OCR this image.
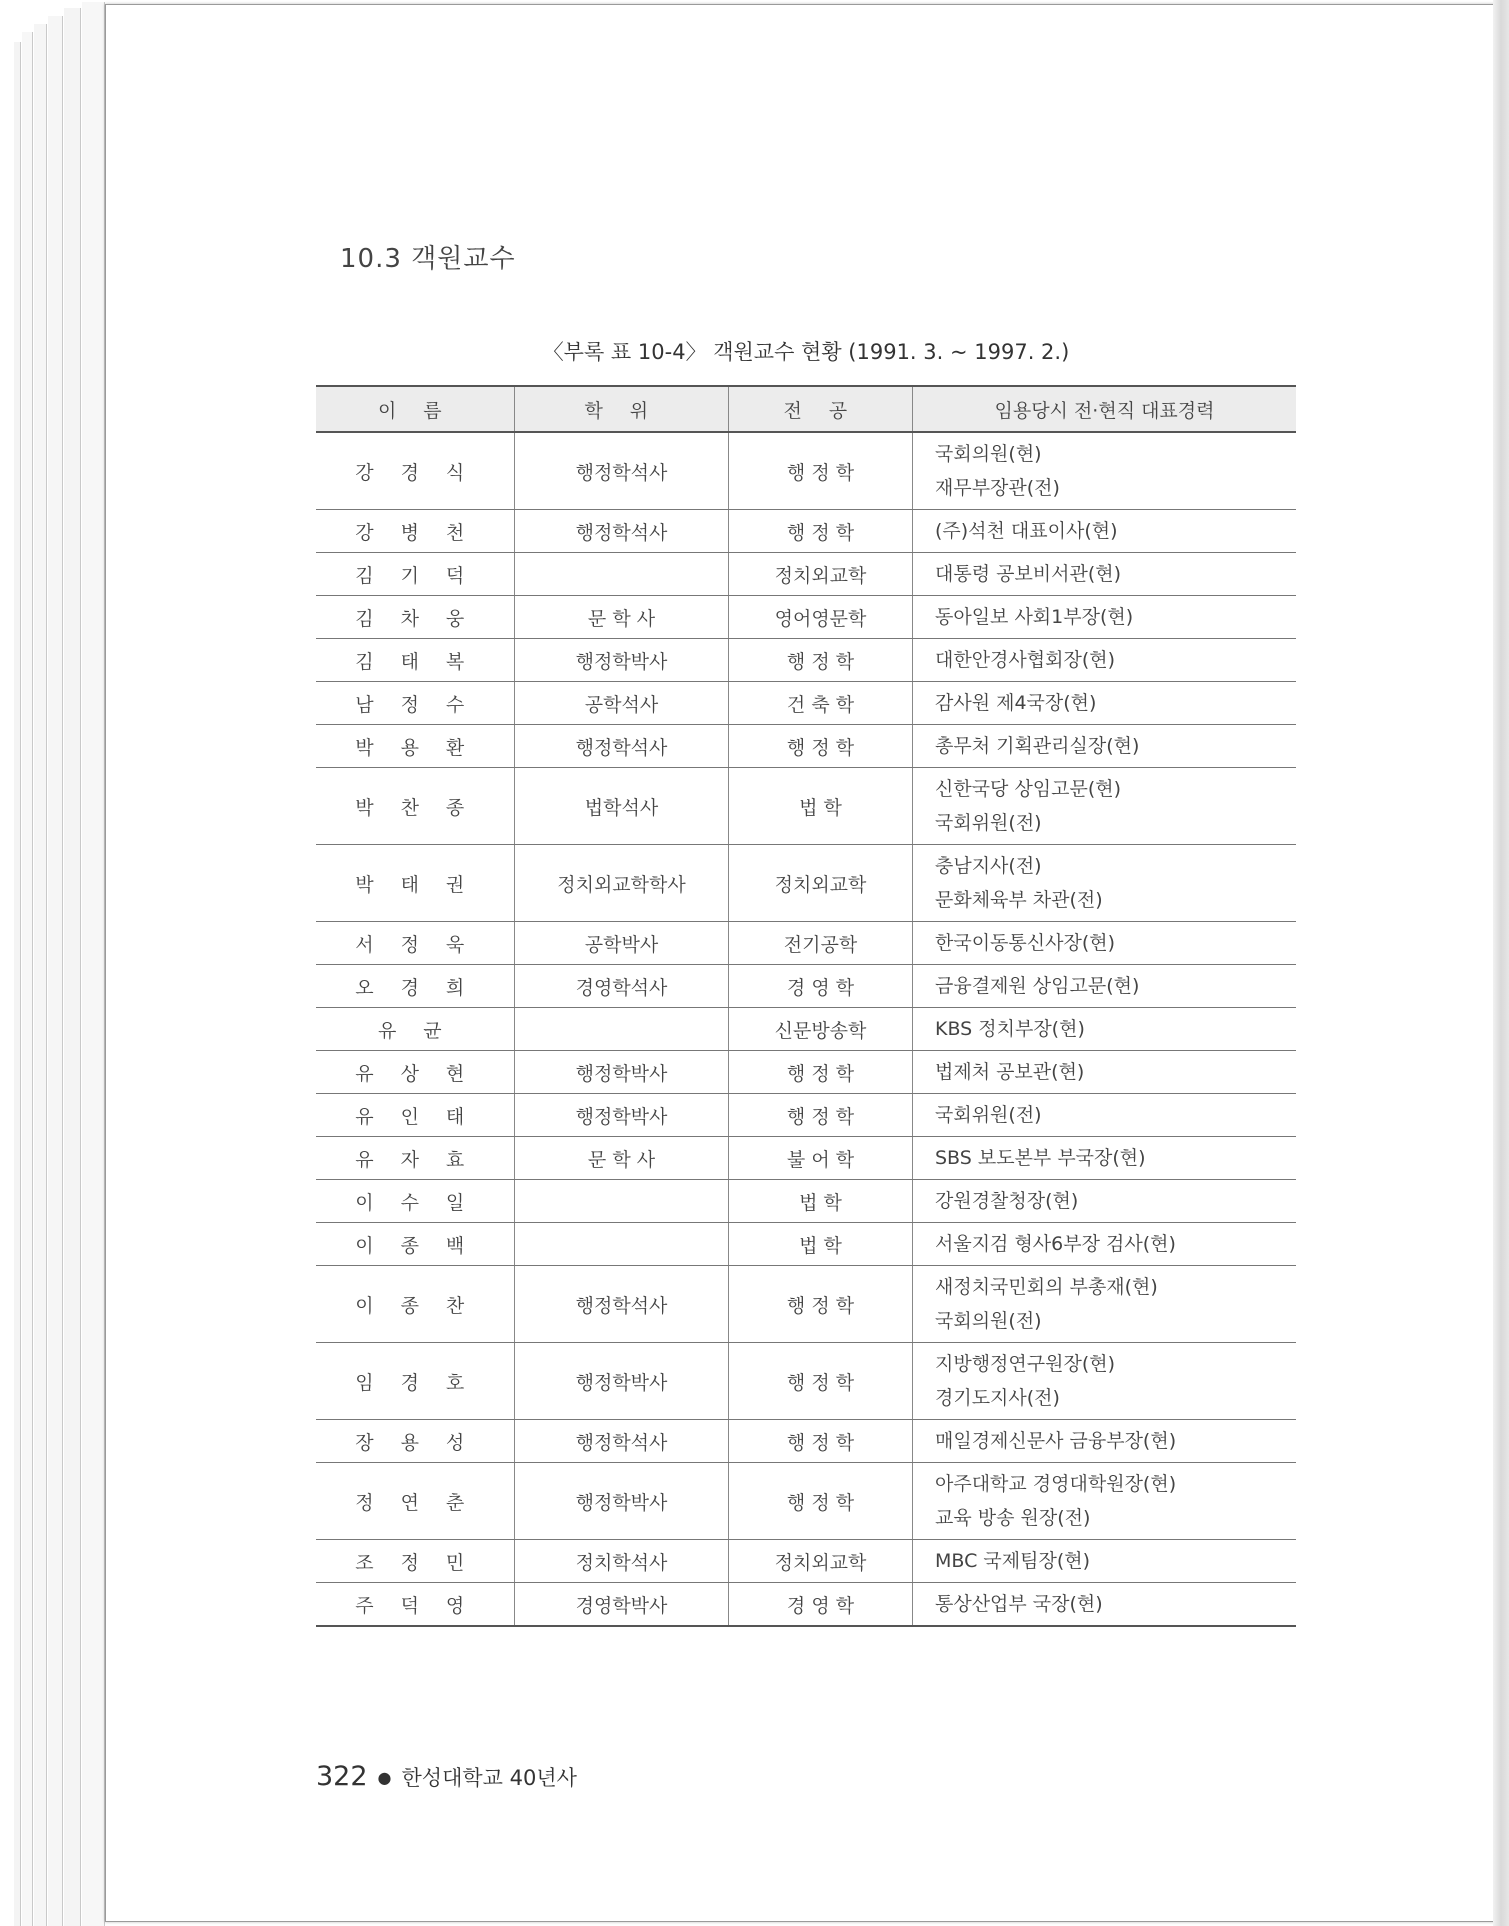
10.3 객원교수
〈부록 표 10-4〉 객원교수 현황 (1991. 3. ~ 1997. 2.)
이 름	학 위	전 공	임용당시 전·현직 대표경력
강 경 식	행정학석사	행 정 학	국회의원(현)
재무부장관(전)

강 병 천	행정학석사	행 정 학	(주)석천 대표이사(현)

김 기 덕		정치외교학	대통령 공보비서관(현)

김 차 웅	문 학 사	영어영문학	동아일보 사회1부장(현)

김 태 복	행정학박사	행 정 학	대한안경사협회장(현)

남 정 수	공학석사	건 축 학	감사원 제4국장(현)

박 용 환	행정학석사	행 정 학	총무처 기획관리실장(현)

박 찬 종	법학석사	법 학	신한국당 상임고문(현)
국회위원(전)

박 태 권	정치외교학학사	정치외교학	충남지사(전)
문화체육부 차관(전)

서 정 욱	공학박사	전기공학	한국이동통신사장(현)

오 경 희	경영학석사	경 영 학	금융결제원 상임고문(현)

유 균		신문방송학	KBS 정치부장(현)

유 상 현	행정학박사	행 정 학	법제처 공보관(현)

유 인 태	행정학박사	행 정 학	국회위원(전)

유 자 효	문 학 사	불 어 학	SBS 보도본부 부국장(현)

이 수 일		법 학	강원경찰청장(현)

이 종 백		법 학	서울지검 형사6부장 검사(현)

이 종 찬	행정학석사	행 정 학	새정치국민회의 부총재(현)
국회의원(전)

임 경 호	행정학박사	행 정 학	지방행정연구원장(현)
경기도지사(전)

장 용 성	행정학석사	행 정 학	매일경제신문사 금융부장(현)

정 연 춘	행정학박사	행 정 학	아주대학교 경영대학원장(현)
교육 방송 원장(전)

조 정 민	정치학석사	정치외교학	MBC 국제팀장(현)

주 덕 영	경영학박사	경 영 학	통상산업부 국장(현)
322 ● 한성대학교 40년사
